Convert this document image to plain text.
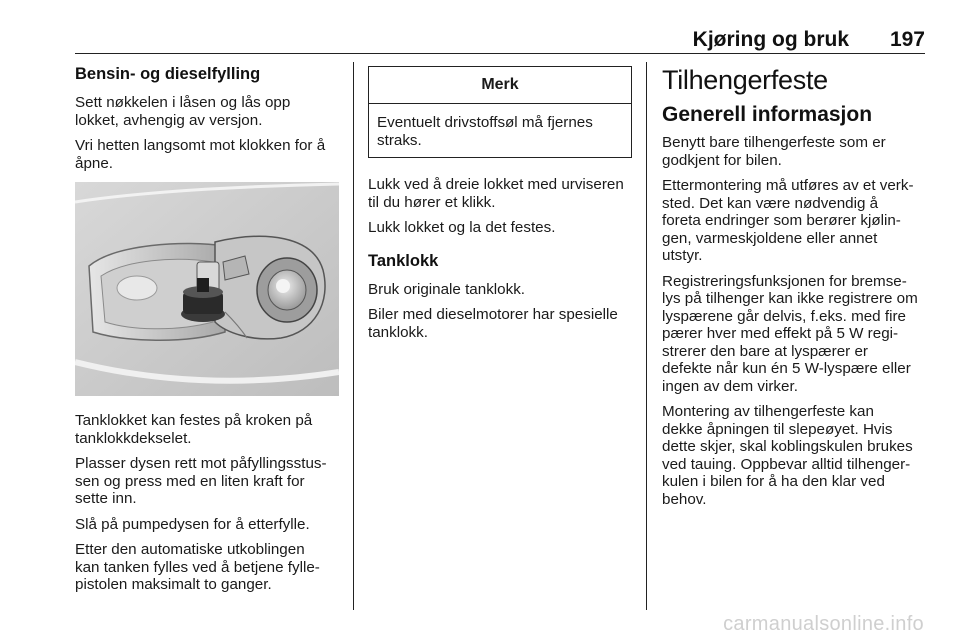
Kjøring og bruk 197
Bensin- og dieselfylling

Sett nøkkelen i låsen og lås opp
lokket, avhengig av versjon.

Vri hetten langsomt mot klokken for å
åpne.

Tanklokket kan festes på kroken på
tanklokkdekselet.

Plasser dysen rett mot påfyllingsstus-
sen og press med en liten kraft for
sette inn.

Slå på pumpedysen for å etterfylle.

Etter den automatiske utkoblingen
kan tanken fylles ved å betjene fylle-
pistolen maksimalt to ganger.

Merk
Eventuelt drivstoffsøl må fjernes
straks.

Lukk ved å dreie lokket med urviseren
til du hører et klikk.

Lukk lokket og la det festes.

Tanklokk

Bruk originale tanklokk.

Biler med dieselmotorer har spesielle
tanklokk.

Tilhengerfeste
Generell informasjon

Benytt bare tilhengerfeste som er
godkjent for bilen.

Ettermontering må utføres av et verk-
sted. Det kan være nødvendig å
foreta endringer som berører kjølin-
gen, varmeskjoldene eller annet
utstyr.

Registreringsfunksjonen for bremse-
lys på tilhenger kan ikke registrere om
lyspærene går delvis, f.eks. med fire
pærer hver med effekt på 5 W regi-
strerer den bare at lyspærer er
defekte når kun én 5 W-lyspære eller
ingen av dem virker.

Montering av tilhengerfeste kan
dekke åpningen til slepeøyet. Hvis
dette skjer, skal koblingskulen brukes
ved tauing. Oppbevar alltid tilhenger-
kulen i bilen for å ha den klar ved
behov.

carmanualsonline.info
